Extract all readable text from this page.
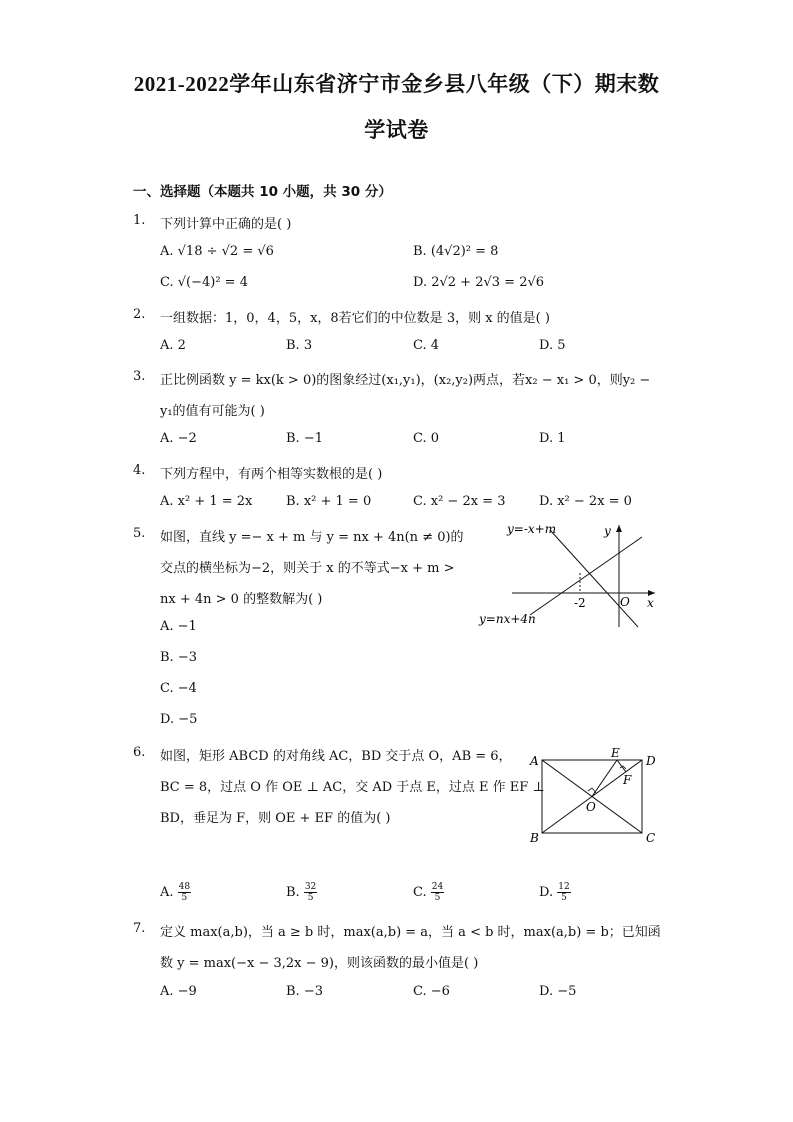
2021-2022学年山东省济宁市金乡县八年级（下）期末数
学试卷
一、选择题（本题共 10 小题，共 30 分）
1. 下列计算中正确的是( )
A. √18 ÷ √2 = √6	B. (4√2)² = 8
C. √(−4)² = 4	D. 2√2 + 2√3 = 2√6
2. 一组数据：1，0，4，5，x，8若它们的中位数是 3，则 x 的值是( )
A. 2	B. 3	C. 4	D. 5
3. 正比例函数 y = kx(k > 0)的图象经过(x₁,y₁)，(x₂,y₂)两点，若x₂ − x₁ > 0，则y₂ −
y₁的值有可能为( )
A. −2	B. −1	C. 0	D. 1
4. 下列方程中，有两个相等实数根的是( )
A. x² + 1 = 2x	B. x² + 1 = 0	C. x² − 2x = 3	D. x² − 2x = 0
5. 如图，直线 y =− x + m 与 y = nx + 4n(n ≠ 0)的
交点的横坐标为−2，则关于 x 的不等式−x + m >
nx + 4n > 0 的整数解为( )
A. −1
B. −3
C. −4
D. −5
y=-x+m
y=nx+4n
y
x
O
-2
6. 如图，矩形 ABCD 的对角线 AC，BD 交于点 O，AB = 6，
BC = 8，过点 O 作 OE ⊥ AC，交 AD 于点 E，过点 E 作 EF ⊥
BD，垂足为 F，则 OE + EF 的值为( )
A	D
B	C
E
F
O
A. $\frac{48}{5}$	B. $\frac{32}{5}$	C. $\frac{24}{5}$	D. $\frac{12}{5}$
7. 定义 max(a,b)，当 a ≥ b 时，max(a,b) = a，当 a < b 时，max(a,b) = b；已知函
数 y = max(−x − 3,2x − 9)，则该函数的最小值是( )
A. −9	B. −3	C. −6	D. −5
